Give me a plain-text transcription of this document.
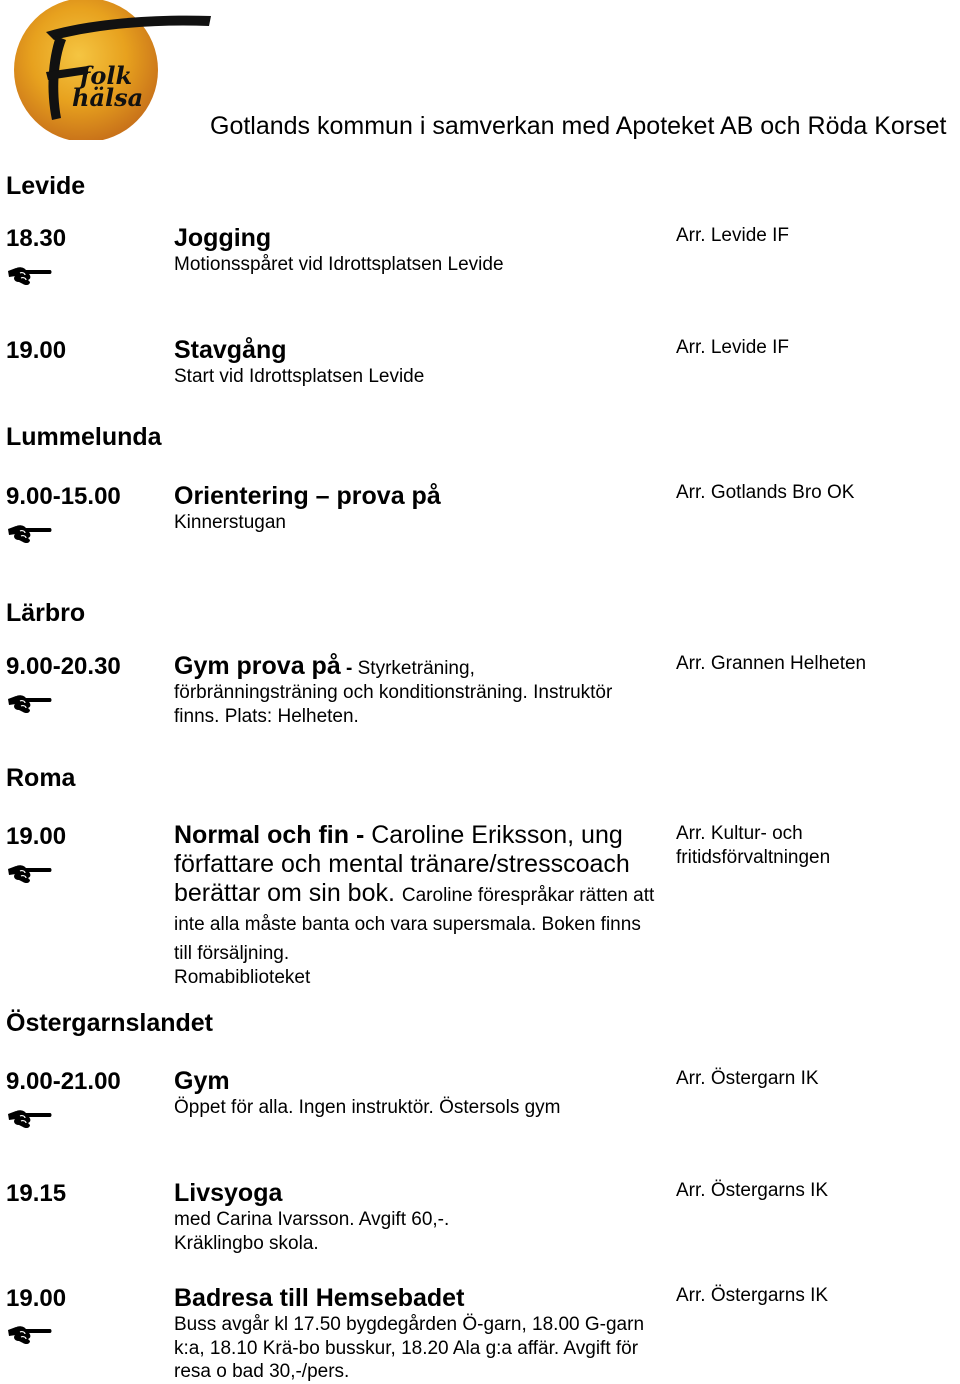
folk
hälsa
Gotlands kommun i samverkan med Apoteket AB och Röda Korset
Levide
18.30	Jogging
Motionsspåret vid Idrottsplatsen Levide
Arr. Levide IF
19.00	Stavgång
Start vid Idrottsplatsen Levide
Arr. Levide IF
Lummelunda
9.00-15.00 Orientering – prova på
Kinnerstugan
Arr. Gotlands Bro OK
Lärbro
9.00-20.30 Gym prova på - Styrketräning,
förbränningsträning och konditionsträning. Instruktör finns. Plats: Helheten.
Arr. Grannen Helheten
Roma
19.00	Normal och fin - Caroline Eriksson, ung författare och mental tränare/stresscoach berättar om sin bok. Caroline förespråkar rätten att inte alla måste banta och vara supersmala. Boken finns till försäljning.
Romabiblioteket
Arr. Kultur- och
fritidsförvaltningen
Östergarnslandet
9.00-21.00 Gym
Öppet för alla. Ingen instruktör. Östersols gym
Arr. Östergarn IK
19.15	Livsyoga
med Carina Ivarsson. Avgift 60,-.
Kräklingbo skola.
Arr. Östergarns IK
19.00	Badresa till Hemsebadet
Buss avgår kl 17.50 bygdegården Ö-garn, 18.00 G-garn k:a, 18.10 Krä-bo busskur, 18.20 Ala g:a affär. Avgift för resa o bad 30,-/pers.
Arr. Östergarns IK
